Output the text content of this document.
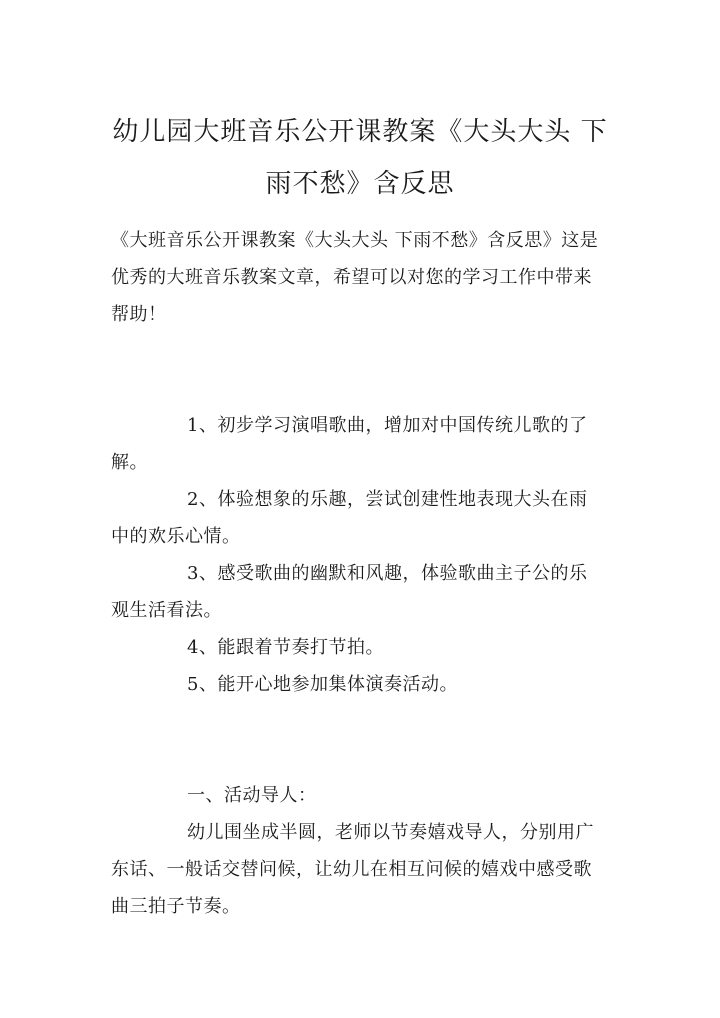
幼儿园大班音乐公开课教案《大头大头 下
雨不愁》含反思

《大班音乐公开课教案《大头大头 下雨不愁》含反思》这是
优秀的大班音乐教案文章，希望可以对您的学习工作中带来
帮助！

1、初步学习演唱歌曲，增加对中国传统儿歌的了
解。

2、体验想象的乐趣，尝试创建性地表现大头在雨
中的欢乐心情。

3、感受歌曲的幽默和风趣，体验歌曲主子公的乐
观生活看法。

4、能跟着节奏打节拍。

5、能开心地参加集体演奏活动。

一、活动导人：

幼儿围坐成半圆，老师以节奏嬉戏导人，分别用广
东话、一般话交替问候，让幼儿在相互问候的嬉戏中感受歌
曲三拍子节奏。
